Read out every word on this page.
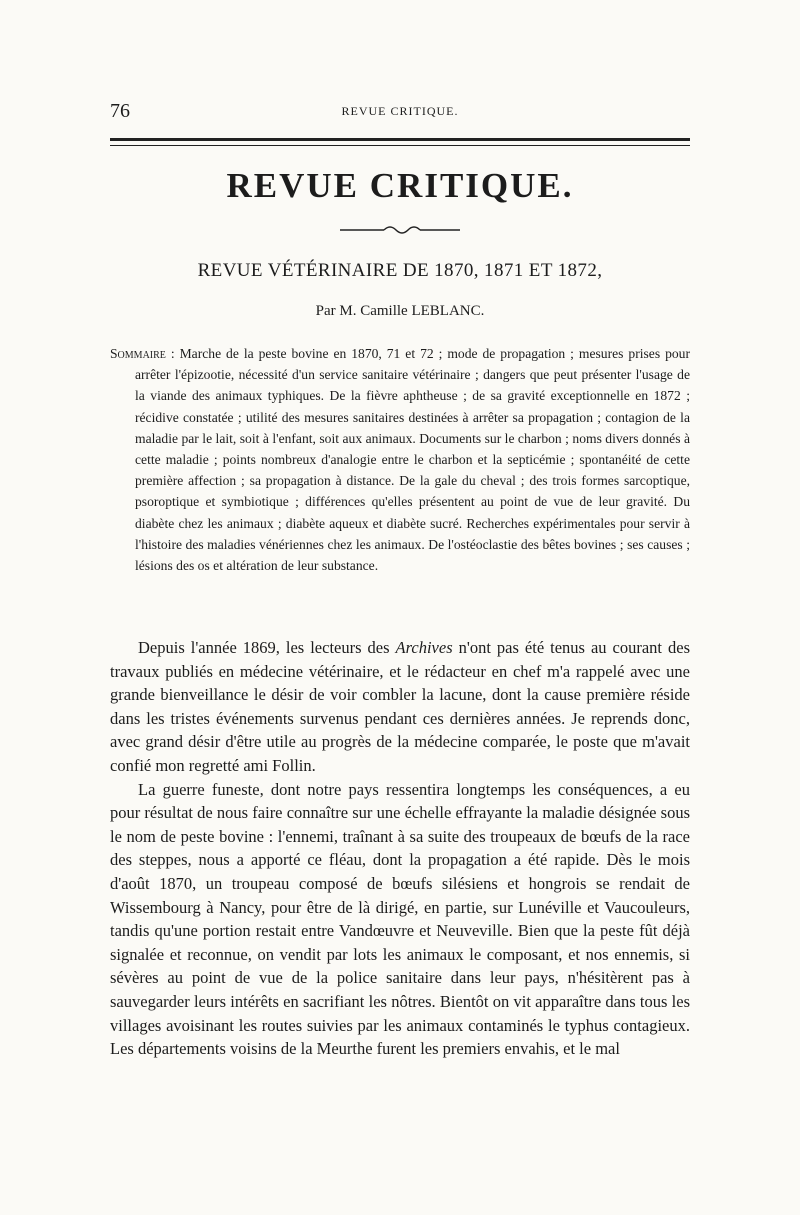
76	REVUE CRITIQUE.
REVUE CRITIQUE.
REVUE VÉTÉRINAIRE DE 1870, 1871 ET 1872,
Par M. Camille LEBLANC.
Sommaire : Marche de la peste bovine en 1870, 71 et 72 ; mode de propagation ; mesures prises pour arrêter l'épizootie, nécessité d'un service sanitaire vétérinaire ; dangers que peut présenter l'usage de la viande des animaux typhiques. De la fièvre aphtheuse ; de sa gravité exceptionnelle en 1872 ; récidive constatée ; utilité des mesures sanitaires destinées à arrêter sa propagation ; contagion de la maladie par le lait, soit à l'enfant, soit aux animaux. Documents sur le charbon ; noms divers donnés à cette maladie ; points nombreux d'analogie entre le charbon et la septicémie ; spontanéité de cette première affection ; sa propagation à distance. De la gale du cheval ; des trois formes sarcoptique, psoroptique et symbiotique ; différences qu'elles présentent au point de vue de leur gravité. Du diabète chez les animaux ; diabète aqueux et diabète sucré. Recherches expérimentales pour servir à l'histoire des maladies vénériennes chez les animaux. De l'ostéoclastie des bêtes bovines ; ses causes ; lésions des os et altération de leur substance.

Depuis l'année 1869, les lecteurs des Archives n'ont pas été tenus au courant des travaux publiés en médecine vétérinaire, et le rédacteur en chef m'a rappelé avec une grande bienveillance le désir de voir combler la lacune, dont la cause première réside dans les tristes événements survenus pendant ces dernières années. Je reprends donc, avec grand désir d'être utile au progrès de la médecine comparée, le poste que m'avait confié mon regretté ami Follin.

La guerre funeste, dont notre pays ressentira longtemps les conséquences, a eu pour résultat de nous faire connaître sur une échelle effrayante la maladie désignée sous le nom de peste bovine : l'ennemi, traînant à sa suite des troupeaux de bœufs de la race des steppes, nous a apporté ce fléau, dont la propagation a été rapide. Dès le mois d'août 1870, un troupeau composé de bœufs silésiens et hongrois se rendait de Wissembourg à Nancy, pour être de là dirigé, en partie, sur Lunéville et Vaucouleurs, tandis qu'une portion restait entre Vandœuvre et Neuveville. Bien que la peste fût déjà signalée et reconnue, on vendit par lots les animaux le composant, et nos ennemis, si sévères au point de vue de la police sanitaire dans leur pays, n'hésitèrent pas à sauvegarder leurs intérêts en sacrifiant les nôtres. Bientôt on vit apparaître dans tous les villages avoisinant les routes suivies par les animaux contaminés le typhus contagieux. Les départements voisins de la Meurthe furent les premiers envahis, et le mal
